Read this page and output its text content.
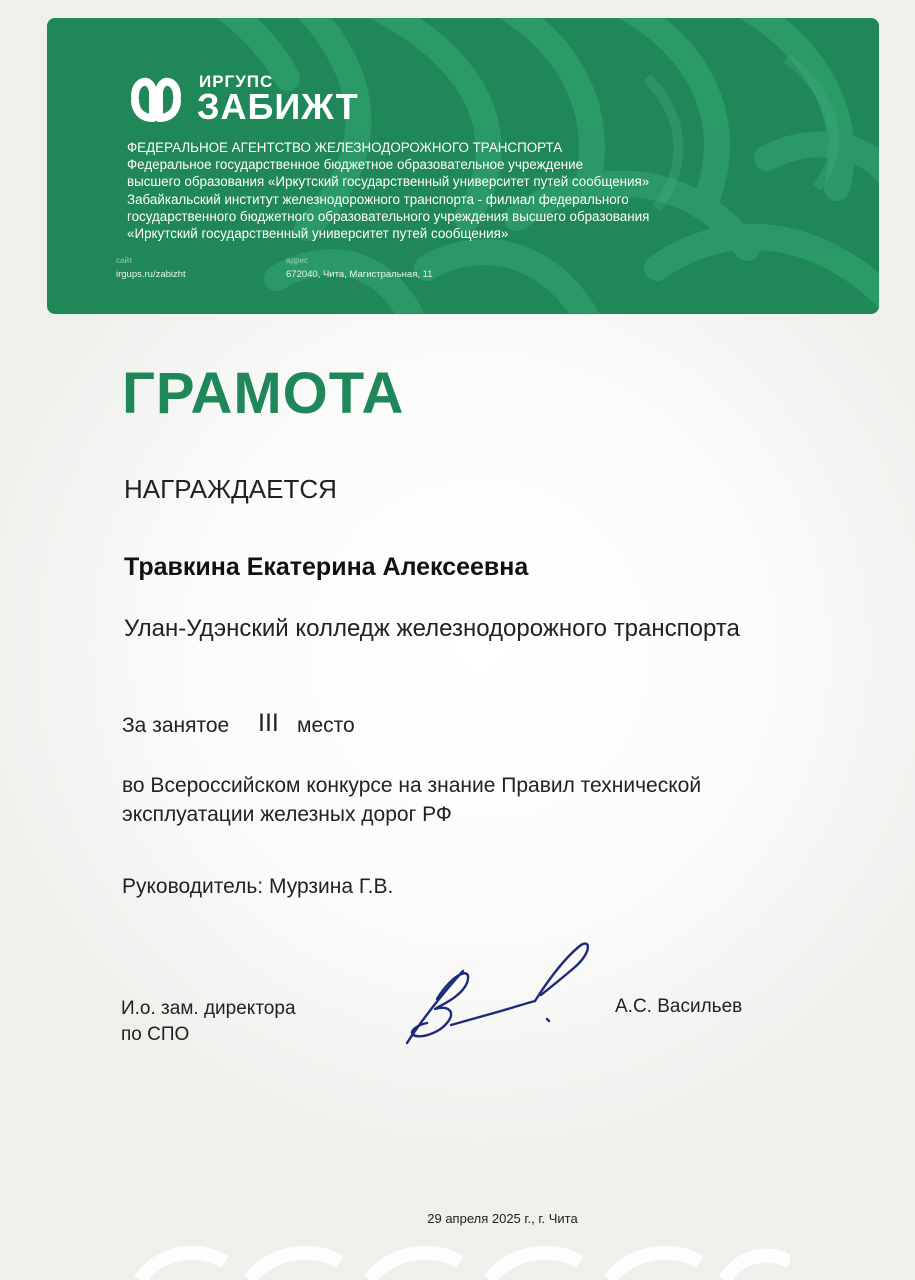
ИРГУПС
ЗАБИЖТ
ФЕДЕРАЛЬНОЕ АГЕНТСТВО ЖЕЛЕЗНОДОРОЖНОГО ТРАНСПОРТА
Федеральное государственное бюджетное образовательное учреждение
высшего образования «Иркутский государственный университет путей сообщения»
Забайкальский институт железнодорожного транспорта - филиал федерального
государственного бюджетного образовательного учреждения высшего образования
«Иркутский государственный университет путей сообщения»
сайт
irgups.ru/zabizht
адрес
672040, Чита, Магистральная, 11
ГРАМОТА
НАГРАЖДАЕТСЯ
Травкина Екатерина Алексеевна
Улан-Удэнский колледж железнодорожного транспорта
За занятое III место
во Всероссийском конкурсе на знание Правил технической
эксплуатации железных дорог РФ
Руководитель: Мурзина Г.В.
И.о. зам. директора
по СПО
А.С. Васильев
29 апреля 2025 г., г. Чита
